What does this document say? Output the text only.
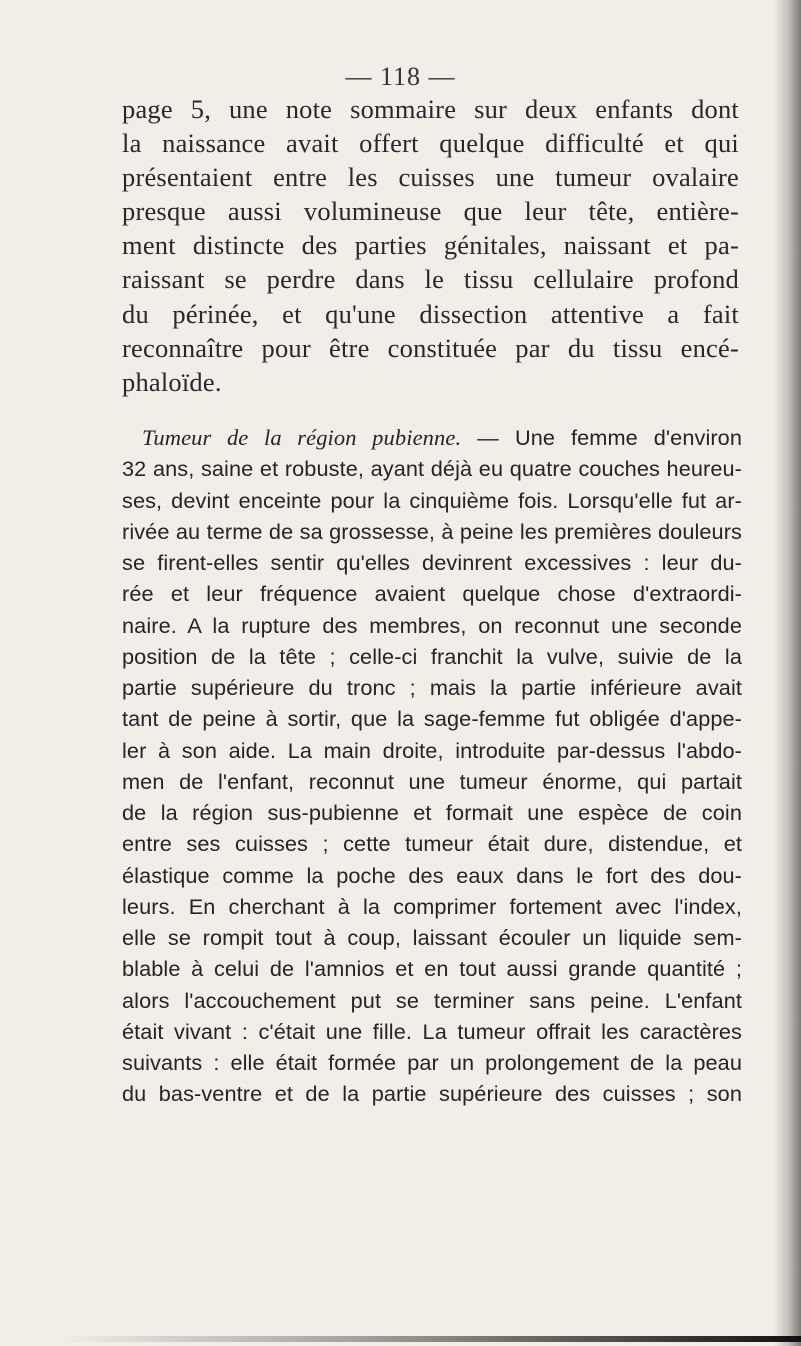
— 118 —

page 5, une note sommaire sur deux enfants dont
la naissance avait offert quelque difficulté et qui
présentaient entre les cuisses une tumeur ovalaire
presque aussi volumineuse que leur tête, entière-
ment distincte des parties génitales, naissant et pa-
raissant se perdre dans le tissu cellulaire profond
du périnée, et qu'une dissection attentive a fait
reconnaître pour être constituée par du tissu encé-
phaloïde.

Tumeur de la région pubienne. — Une femme d'environ
32 ans, saine et robuste, ayant déjà eu quatre couches heureu-
ses, devint enceinte pour la cinquième fois. Lorsqu'elle fut ar-
rivée au terme de sa grossesse, à peine les premières douleurs
se firent-elles sentir qu'elles devinrent excessives : leur du-
rée et leur fréquence avaient quelque chose d'extraordi-
naire. A la rupture des membres, on reconnut une seconde
position de la tête ; celle-ci franchit la vulve, suivie de la
partie supérieure du tronc ; mais la partie inférieure avait
tant de peine à sortir, que la sage-femme fut obligée d'appe-
ler à son aide. La main droite, introduite par-dessus l'abdo-
men de l'enfant, reconnut une tumeur énorme, qui partait
de la région sus-pubienne et formait une espèce de coin
entre ses cuisses ; cette tumeur était dure, distendue, et
élastique comme la poche des eaux dans le fort des dou-
leurs. En cherchant à la comprimer fortement avec l'index,
elle se rompit tout à coup, laissant écouler un liquide sem-
blable à celui de l'amnios et en tout aussi grande quantité ;
alors l'accouchement put se terminer sans peine. L'enfant
était vivant : c'était une fille. La tumeur offrait les caractères
suivants : elle était formée par un prolongement de la peau
du bas-ventre et de la partie supérieure des cuisses ; son
